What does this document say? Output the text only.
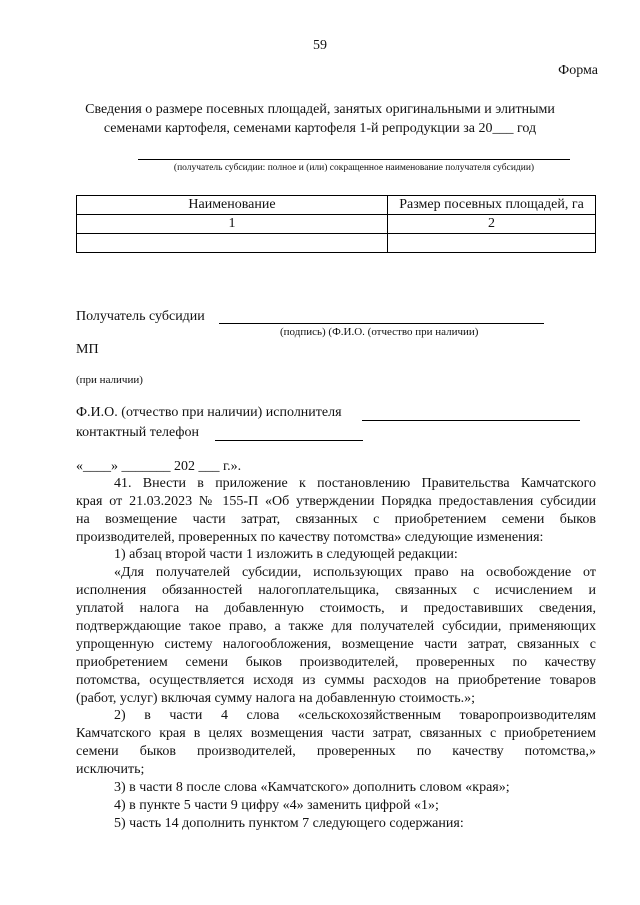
59
Форма
Сведения о размере посевных площадей, занятых оригинальными и элитными
семенами картофеля, семенами картофеля 1-й репродукции за 20___ год
(получатель субсидии: полное и (или) сокращенное наименование получателя субсидии)
Наименование	Размер посевных площадей, га
1	2

Получатель субсидии
(подпись) (Ф.И.О. (отчество при наличии)
МП
(при наличии)
Ф.И.О. (отчество при наличии) исполнителя
контактный телефон
«____» _______ 202 ___ г.».
41. Внести в приложение к постановлению Правительства Камчатского
края от 21.03.2023 № 155-П «Об утверждении Порядка предоставления субсидии
на возмещение части затрат, связанных с приобретением семени быков
производителей, проверенных по качеству потомства» следующие изменения:
1) абзац второй части 1 изложить в следующей редакции:
«Для получателей субсидии, использующих право на освобождение от
исполнения обязанностей налогоплательщика, связанных с исчислением и
уплатой налога на добавленную стоимость, и предоставивших сведения,
подтверждающие такое право, а также для получателей субсидии, применяющих
упрощенную систему налогообложения, возмещение части затрат, связанных с
приобретением семени быков производителей, проверенных по качеству
потомства, осуществляется исходя из суммы расходов на приобретение товаров
(работ, услуг) включая сумму налога на добавленную стоимость.»;
2) в части 4 слова «сельскохозяйственным товаропроизводителям
Камчатского края в целях возмещения части затрат, связанных с приобретением
семени быков производителей, проверенных по качеству потомства,»
исключить;
3) в части 8 после слова «Камчатского» дополнить словом «края»;
4) в пункте 5 части 9 цифру «4» заменить цифрой «1»;
5) часть 14 дополнить пунктом 7 следующего содержания:
